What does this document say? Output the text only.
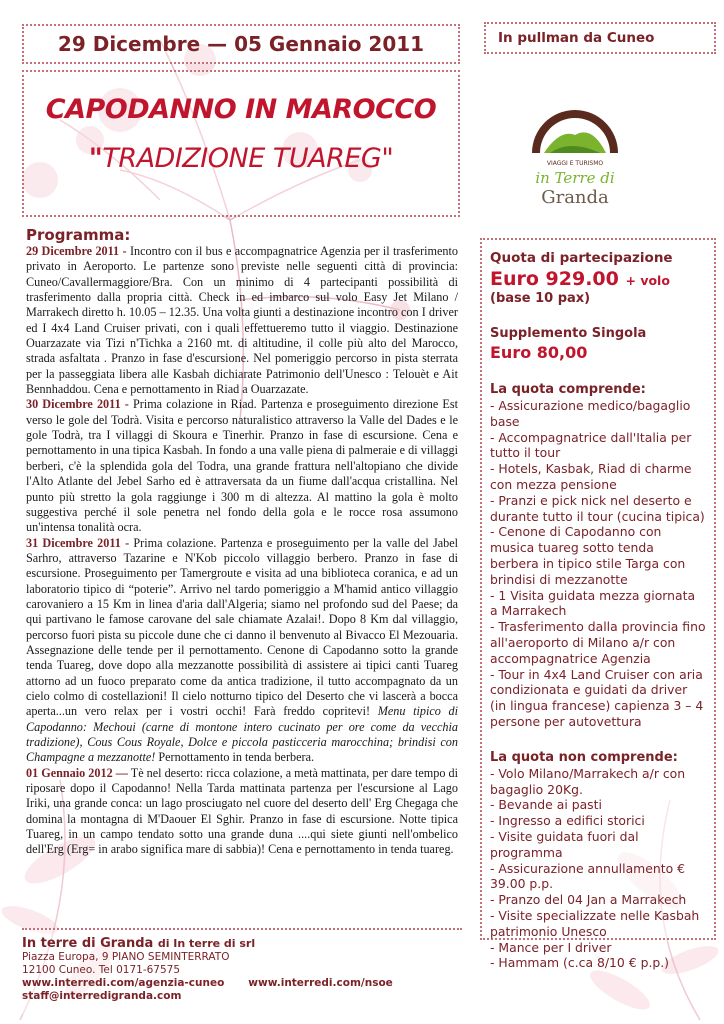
29 Dicembre — 05 Gennaio 2011	In pullman da Cuneo
CAPODANNO IN MAROCCO
"TRADIZIONE TUAREG"	VIAGGI E TURISMO
in Terre di
Granda
Programma:

29 Dicembre 2011 - Incontro con il bus e accompagnatrice Agenzia per il trasferimento privato in Aeroporto. Le partenze sono previste nelle seguenti città di provincia: Cuneo/Cavallermaggiore/Bra. Con un minimo di 4 partecipanti possibilità di trasferimento dalla propria città. Check in ed imbarco sul volo Easy Jet Milano / Marrakech diretto h. 10.05 – 12.35. Una volta giunti a destinazione incontro con I driver ed I 4x4 Land Cruiser privati, con i quali effettueremo tutto il viaggio. Destinazione Ouarzazate via Tizi n'Tichka a 2160 mt. di altitudine, il colle più alto del Marocco, strada asfaltata . Pranzo in fase d'escursione. Nel pomeriggio percorso in pista sterrata per la passeggiata libera alle Kasbah dichiarate Patrimonio dell'Unesco : Telouèt e Ait Bennhaddou. Cena e pernottamento in Riad a Ouarzazate.

30 Dicembre 2011 - Prima colazione in Riad. Partenza e proseguimento direzione Est verso le gole del Todrà. Visita e percorso naturalistico attraverso la Valle del Dades e le gole Todrà, tra I villaggi di Skoura e Tinerhir. Pranzo in fase di escursione. Cena e pernottamento in una tipica Kasbah. In fondo a una valle piena di palmeraie e di villaggi berberi, c'è la splendida gola del Todra, una grande frattura nell'altopiano che divide l'Alto Atlante del Jebel Sarho ed è attraversata da un fiume dall'acqua cristallina. Nel punto più stretto la gola raggiunge i 300 m di altezza. Al mattino la gola è molto suggestiva perché il sole penetra nel fondo della gola e le rocce rosa assumono un'intensa tonalità ocra.

31 Dicembre 2011 - Prima colazione. Partenza e proseguimento per la valle del Jabel Sarhro, attraverso Tazarine e N'Kob piccolo villaggio berbero. Pranzo in fase di escursione. Proseguimento per Tamergroute e visita ad una biblioteca coranica, e ad un laboratorio tipico di “poterie”. Arrivo nel tardo pomeriggio a M'hamid antico villaggio carovaniero a 15 Km in linea d'aria dall'Algeria; siamo nel profondo sud del Paese; da qui partivano le famose carovane del sale chiamate Azalai!. Dopo 8 Km dal villaggio, percorso fuori pista su piccole dune che ci danno il benvenuto al Bivacco El Mezouaria. Assegnazione delle tende per il pernottamento. Cenone di Capodanno sotto la grande tenda Tuareg, dove dopo alla mezzanotte possibilità di assistere ai tipici canti Tuareg attorno ad un fuoco preparato come da antica tradizione, il tutto accompagnato da un cielo colmo di costellazioni! Il cielo notturno tipico del Deserto che vi lascerà a bocca aperta...un vero relax per i vostri occhi! Farà freddo copritevi! Menu tipico di Capodanno: Mechoui (carne di montone intero cucinato per ore come da vecchia tradizione), Cous Cous Royale, Dolce e piccola pasticceria marocchina; brindisi con Champagne a mezzanotte! Pernottamento in tenda berbera.

01 Gennaio 2012 — Tè nel deserto: ricca colazione, a metà mattinata, per dare tempo di riposare dopo il Capodanno! Nella Tarda mattinata partenza per l'escursione al Lago Iriki, una grande conca: un lago prosciugato nel cuore del deserto dell' Erg Chegaga che domina la montagna di M'Daouer El Sghir. Pranzo in fase di escursione. Notte tipica Tuareg, in un campo tendato sotto una grande duna ....qui siete giunti nell'ombelico dell'Erg (Erg= in arabo significa mare di sabbia)! Cena e pernottamento in tenda tuareg.

Quota di partecipazione
Euro 929.00 + volo
(base 10 pax)
Supplemento Singola
Euro 80,00
La quota comprende:
- Assicurazione medico/bagaglio base
- Accompagnatrice dall'Italia per tutto il tour
- Hotels, Kasbak, Riad di charme con mezza pensione
- Pranzi e pick nick nel deserto e durante tutto il tour (cucina tipica)
- Cenone di Capodanno con musica tuareg sotto tenda berbera in tipico stile Targa con brindisi di mezzanotte
- 1 Visita guidata mezza giornata a Marrakech
- Trasferimento dalla provincia fino all'aeroporto di Milano a/r con accompagnatrice Agenzia
- Tour in 4x4 Land Cruiser con aria condizionata e guidati da driver (in lingua francese) capienza 3 – 4 persone per autovettura
La quota non comprende:
- Volo Milano/Marrakech a/r con bagaglio 20Kg.
- Bevande ai pasti
- Ingresso a edifici storici
- Visite guidata fuori dal programma
- Assicurazione annullamento € 39.00 p.p.
- Pranzo del 04 Jan a Marrakech
- Visite specializzate nelle Kasbah patrimonio Unesco
- Mance per I driver
- Hammam (c.ca 8/10 € p.p.)
In terre di Granda di In terre di srl
Piazza Europa, 9 PIANO SEMINTERRATO
12100 Cuneo. Tel 0171-67575
www.interredi.com/agenzia-cuneo www.interredi.com/nsoe
staff@interredigranda.com
